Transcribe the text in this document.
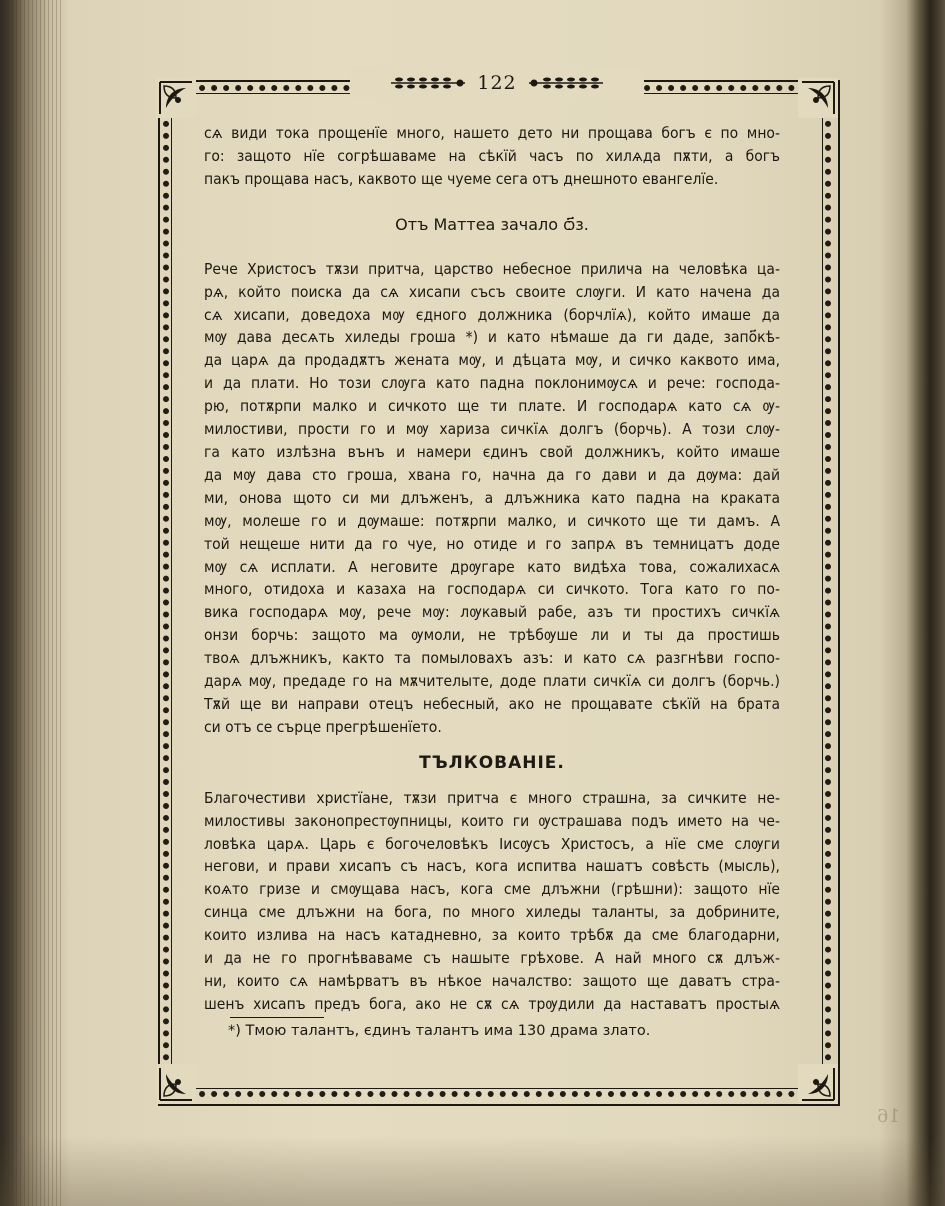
122

сѧ види тока прощенїе много, нашето дето ни прощава богъ є по мно-
го: защото нїе согрѣшаваме на сѣкїй часъ по хилѧда пѫти, а богъ
пакъ прощава насъ, каквото ще чуеме сега отъ днешното евангелїе.

Отъ Маттеа зачало ѻ҃з.

Рече Христосъ тѫзи притча, царство небесное прилича на человѣка ца-
рѧ, който поиска да сѧ хисапи съсъ своите слѹги. И като начена да
сѧ хисапи, доведоха мѹ єдного должника (борчлїѧ), който имаше да
мѹ дава десѧть хиледы гроша *) и като нѣмаше да ги даде, запо҃кѣ-
да царѧ да продадѫтъ жената мѹ, и дѣцата мѹ, и сичко каквото има,
и да плати. Но този слѹга като падна поклонимѹсѧ и рече: господа-
рю, потѫрпи малко и сичкото ще ти плате. И господарѧ като сѧ ѹ-
милостиви, прости го и мѹ хариза сичкїѧ долгъ (борчь). А този слѹ-
га като излѣзна вънъ и намери єдинъ свой должникъ, който имаше
да мѹ дава сто гроша, хвана го, начна да го дави и да дѹма: дай
ми, онова щото си ми длъженъ, а длъжника като падна на краката
мѹ, молеше го и дѹмаше: потѫрпи малко, и сичкото ще ти дамъ. А
той нещеше нити да го чуе, но отиде и го запрѧ въ темницатъ доде
мѹ сѧ исплати. А неговите дрѹгаре като видѣха това, сожалихасѧ
много, отидоха и казаха на господарѧ си сичкото. Тога като го по-
вика господарѧ мѹ, рече мѹ: лѹкавый рабе, азъ ти простихъ сичкїѧ
онзи борчь: защото ма ѹмоли, не трѣбѹше ли и ты да простишь
твоѧ длъжникъ, както та помыловахъ азъ: и като сѧ разгнѣви госпо-
дарѧ мѹ, предаде го на мѫчителыте, доде плати сичкїѧ си долгъ (борчь.)
Тѫй ще ви направи отецъ небесный, ако не прощавате сѣкїй на брата
си отъ се сърце прегрѣшенїето.

ТЪЛКОВАНІЕ.

Благочестиви христїане, тѫзи притча є много страшна, за сичките не-
милостивы законопрестѹпницы, които ги ѹстрашава подъ името на че-
ловѣка царѧ. Царь є богочеловѣкъ Іисѹсъ Христосъ, а нїе сме слѹги
негови, и прави хисапъ съ насъ, кога испитва нашатъ совѣсть (мысль),
коѧто гризе и смѹщава насъ, кога сме длъжни (грѣшни): защото нїе
синца сме длъжни на бога, по много хиледы таланты, за добрините,
които излива на насъ катадневно, за които трѣбѫ да сме благодарни,
и да не го прогнѣваваме съ нашыте грѣхове. А най много сѫ длъж-
ни, които сѧ намѣрватъ въ нѣкое началство: защото ще даватъ стра-
шенъ хисапъ предъ бога, ако не сѫ сѧ трѹдили да наставатъ простыѧ

*) Тмою талантъ, єдинъ талантъ има 130 драма злато.
16
